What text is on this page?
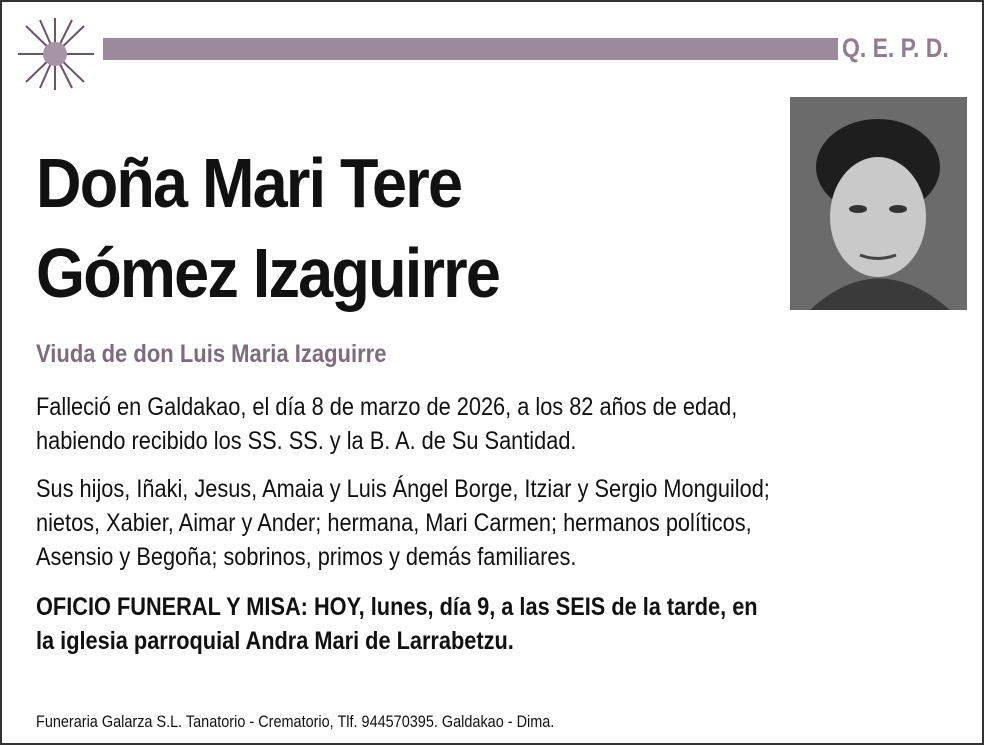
Q. E. P. D.
Doña Mari Tere
Gómez Izaguirre
Viuda de don Luis Maria Izaguirre
Falleció en Galdakao, el día 8 de marzo de 2026, a los 82 años de edad,
habiendo recibido los SS. SS. y la B. A. de Su Santidad.
Sus hijos, Iñaki, Jesus, Amaia y Luis Ángel Borge, Itziar y Sergio Monguilod;
nietos, Xabier, Aimar y Ander; hermana, Mari Carmen; hermanos políticos,
Asensio y Begoña; sobrinos, primos y demás familiares.
OFICIO FUNERAL Y MISA: HOY, lunes, día 9, a las SEIS de la tarde, en
la iglesia parroquial Andra Mari de Larrabetzu.
Funeraria Galarza S.L. Tanatorio - Crematorio, Tlf. 944570395. Galdakao - Dima.
